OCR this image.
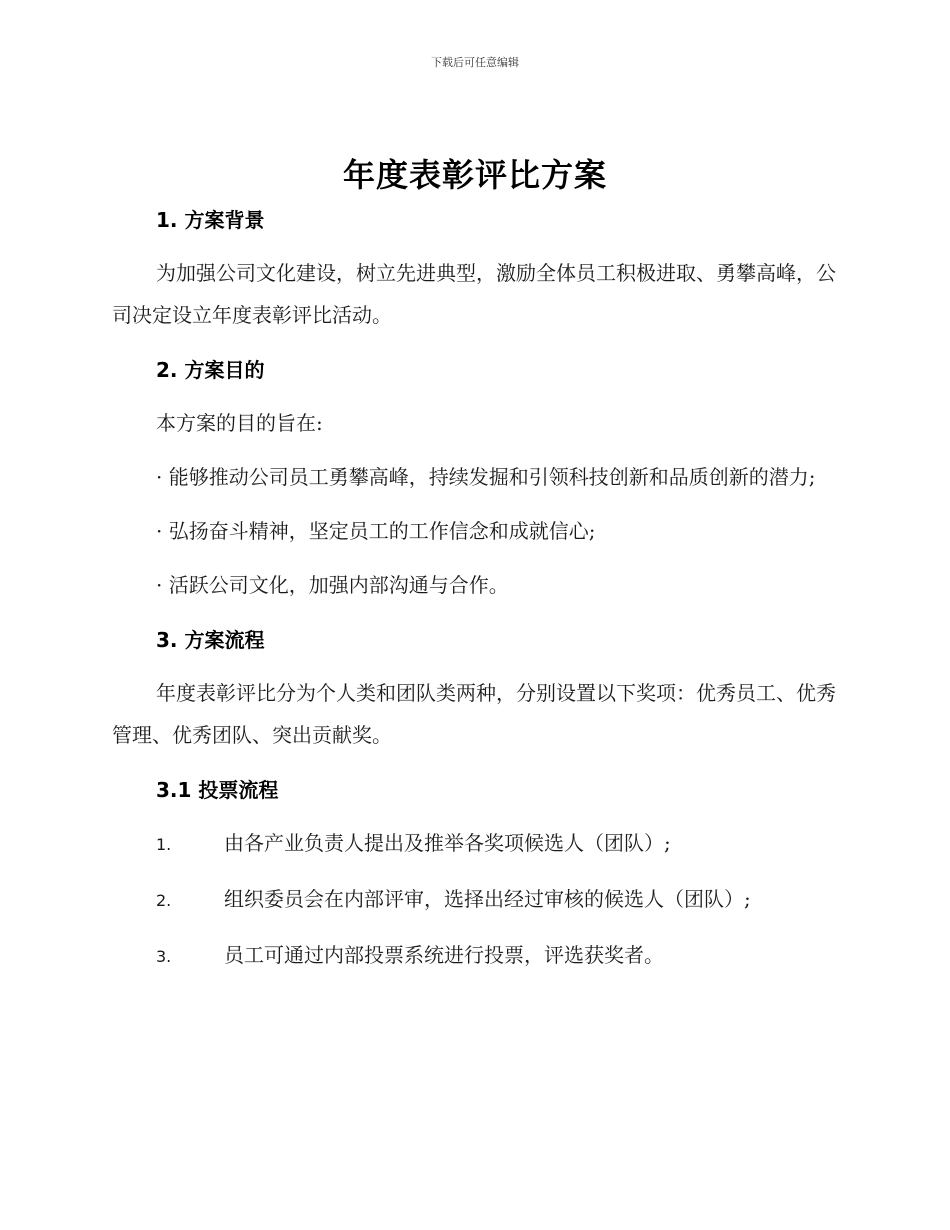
下载后可任意编辑
年度表彰评比方案
1. 方案背景

为加强公司文化建设，树立先进典型，激励全体员工积极进取、勇攀高峰，公司决定设立年度表彰评比活动。

2. 方案目的

本方案的目的旨在:

· 能够推动公司员工勇攀高峰，持续发掘和引领科技创新和品质创新的潜力;

· 弘扬奋斗精神，坚定员工的工作信念和成就信心;

· 活跃公司文化，加强内部沟通与合作。

3. 方案流程

年度表彰评比分为个人类和团队类两种，分别设置以下奖项：优秀员工、优秀管理、优秀团队、突出贡献奖。

3.1 投票流程
1.	由各产业负责人提出及推举各奖项候选人（团队）;
2.	组织委员会在内部评审，选择出经过审核的候选人（团队）;
3.	员工可通过内部投票系统进行投票，评选获奖者。
